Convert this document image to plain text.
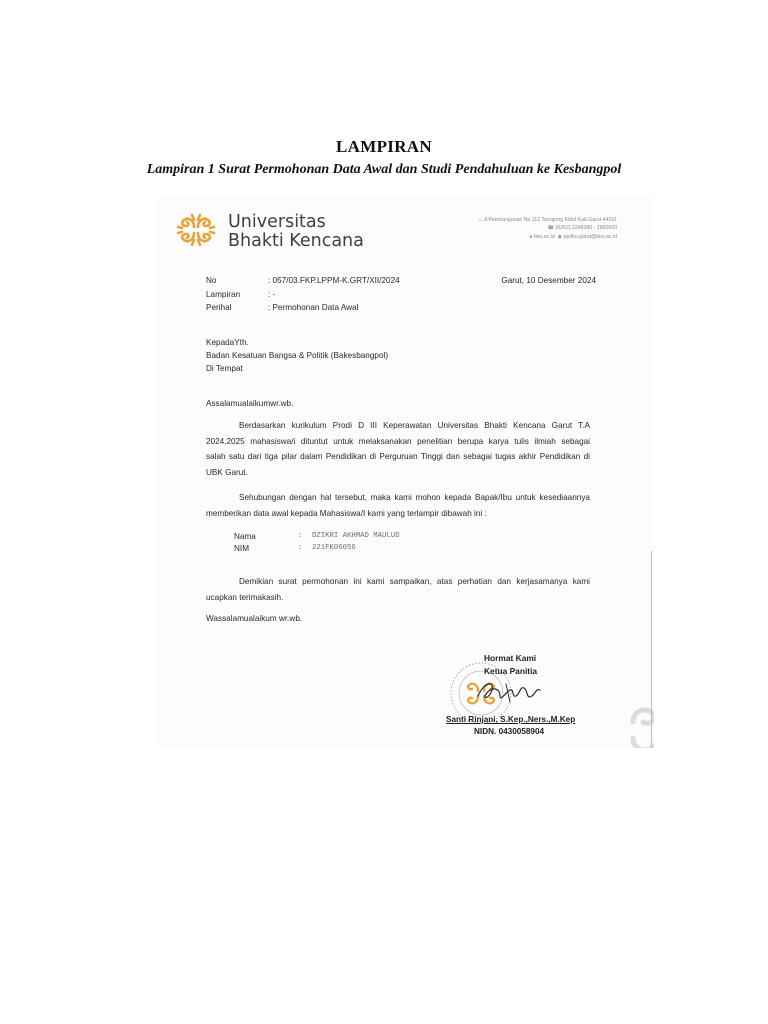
LAMPIRAN
Lampiran 1 Surat Permohonan Data Awal dan Studi Pendahuluan ke Kesbangpol
Universitas
Bhakti Kencana
⌂ Jl.Pembangunan No.112 Tarogong Kidul Kab.Garut 44151
☎ (0262) 2248380 - 2800993
● bku.ac.id  ◉ ppdku.garut@bku.ac.id
No	: 057/03.FKP.LPPM-K.GRT/XII/2024
Lampiran	: -
Perihal	: Permohonan Data Awal
Garut, 10 Desember 2024
KepadaYth.
Badan Kesatuan Bangsa & Politik (Bakesbangpol)
Di Tempat
Assalamualaikumwr.wb.
Berdasarkan kurikulum Prodi D III Keperawatan Universitas Bhakti Kencana Garut T.A
2024.2025 mahasiswa/i dituntut untuk melaksanakan penelitian berupa karya tulis ilmiah sebagai
salah satu dari tiga pilar dalam Pendidikan di Perguruan Tinggi dan sebagai tugas akhir Pendidikan di
UBK Garut.
Sehubungan dengan hal tersebut, maka kami mohon kepada Bapak/Ibu untuk kesediaannya
memberikan data awal kepada Mahasiswa/I kami yang terlampir dibawah ini :
Nama	: DZIKRI AKHMAD MAULUD
NIM	: 221FK06056
Demikian surat permohonan ini kami sampaikan, atas perhatian dan kerjasamanya kami
ucapkan terimakasih.
Wassalamualaikum wr.wb.
Hormat Kami
Ketua Panitia
Santi Rinjani, S.Kep.,Ners.,M.Kep
NIDN. 0430058904
